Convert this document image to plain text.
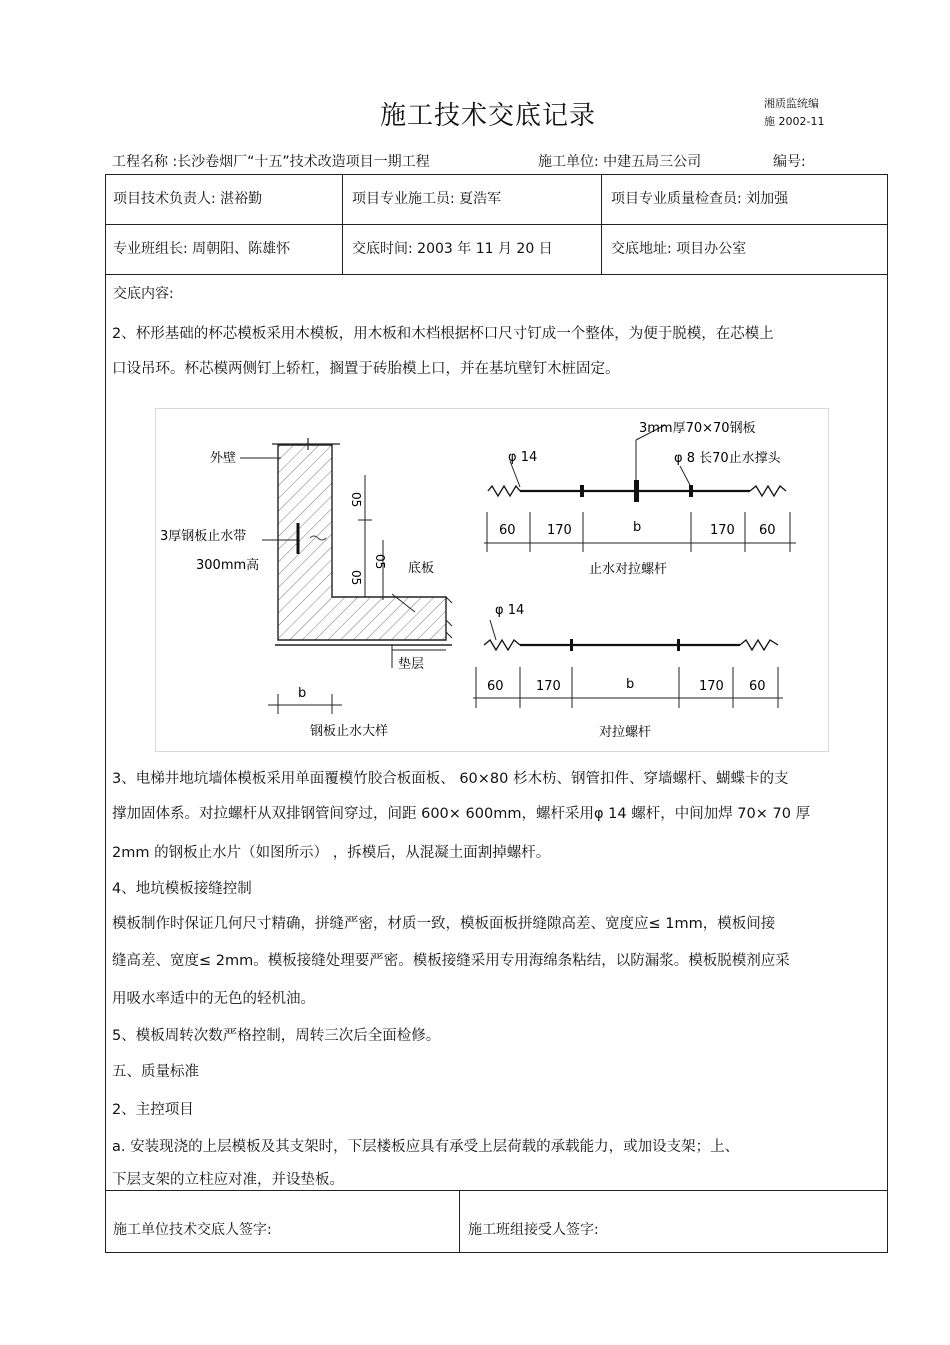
施工技术交底记录	湘质监统编
施 2002-11
工程名称 :长沙卷烟厂“十五”技术改造项目一期工程	施工单位: 中建五局三公司	编号:
项目技术负责人: 湛裕勤	项目专业施工员: 夏浩军	项目专业质量检查员: 刘加强
专业班组长: 周朝阳、陈雄怀	交底时间: 2003 年 11 月 20 日	交底地址: 项目办公室
交底内容:
2、杯形基础的杯芯模板采用木模板，用木板和木档根据杯口尺寸钉成一个整体，为便于脱模，在芯模上
口设吊环。杯芯模两侧钉上轿杠，搁置于砖胎模上口，并在基坑壁钉木桩固定。
外壁
3厚钢板止水带
300mm高
05
05
05 底板
垫层
b
钢板止水大样
3mm厚70×70钢板
φ 14	φ 8 长70止水撑头
60 170	b	170 60
止水对拉螺杆
φ 14
60 170	b	170 60
对拉螺杆
3、电梯井地坑墙体模板采用单面覆模竹胶合板面板、 60×80 杉木枋、钢管扣件、穿墙螺杆、蝴蝶卡的支
撑加固体系。对拉螺杆从双排钢管间穿过，间距 600× 600mm，螺杆采用φ 14 螺杆，中间加焊 70× 70 厚
2mm 的钢板止水片（如图所示） ，拆模后，从混凝土面割掉螺杆。
4、地坑模板接缝控制
模板制作时保证几何尺寸精确，拼缝严密，材质一致，模板面板拼缝隙高差、宽度应≤ 1mm，模板间接
缝高差、宽度≤ 2mm。模板接缝处理要严密。模板接缝采用专用海绵条粘结，以防漏浆。模板脱模剂应采
用吸水率适中的无色的轻机油。
5、模板周转次数严格控制，周转三次后全面检修。
五、质量标准
2、主控项目
a. 安装现浇的上层模板及其支架时，下层楼板应具有承受上层荷载的承载能力，或加设支架；上、
下层支架的立柱应对准，并设垫板。
施工单位技术交底人签字:	施工班组接受人签字:
